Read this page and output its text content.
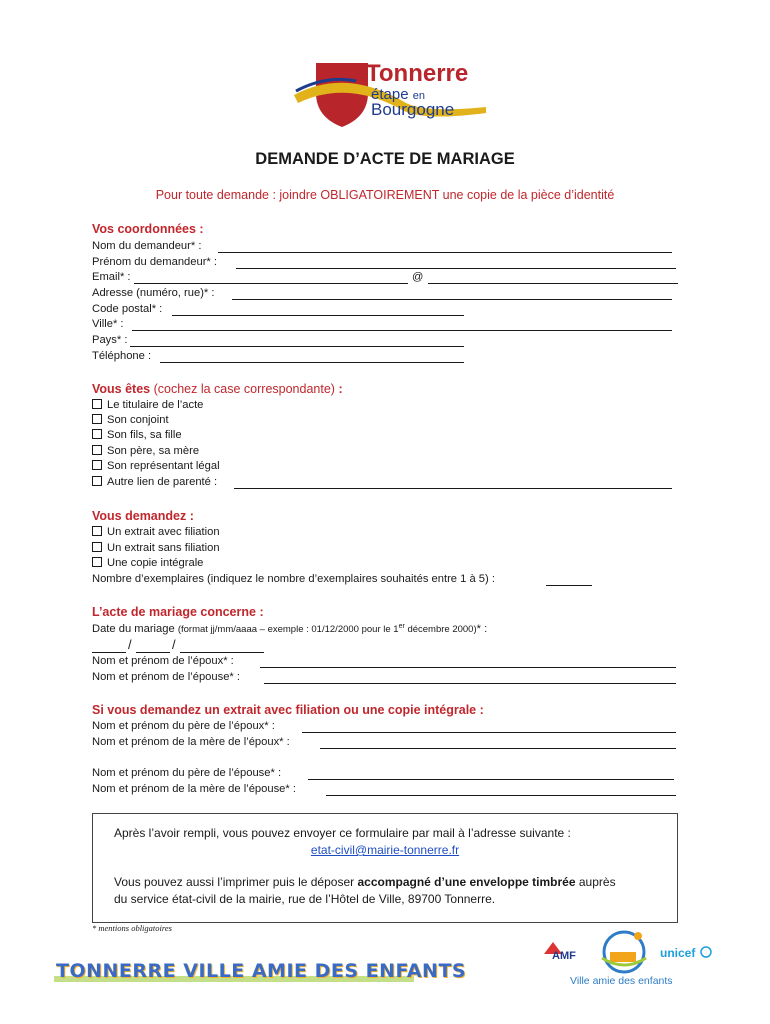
Tonnerre
étape en
Bourgogne
DEMANDE D’ACTE DE MARIAGE
Pour toute demande : joindre OBLIGATOIREMENT une copie de la pièce d’identité
Vos coordonnées :
Nom du demandeur* :
Prénom du demandeur* :
Email* :	@
Adresse (numéro, rue)* :
Code postal* :
Ville* :
Pays* :
Téléphone :
Vous êtes (cochez la case correspondante) :
Le titulaire de l’acte
Son conjoint
Son fils, sa fille
Son père, sa mère
Son représentant légal
Autre lien de parenté :
Vous demandez :
Un extrait avec filiation
Un extrait sans filiation
Une copie intégrale
Nombre d’exemplaires (indiquez le nombre d’exemplaires souhaités entre 1 à 5) :
L’acte de mariage concerne :
Date du mariage (format jj/mm/aaaa – exemple : 01/12/2000 pour le 1er décembre 2000)* :
/	/
Nom et prénom de l’époux* :
Nom et prénom de l’épouse* :
Si vous demandez un extrait avec filiation ou une copie intégrale :
Nom et prénom du père de l’époux* :
Nom et prénom de la mère de l’époux* :
Nom et prénom du père de l’épouse* :
Nom et prénom de la mère de l’épouse* :
Après l’avoir rempli, vous pouvez envoyer ce formulaire par mail à l’adresse suivante :
etat-civil@mairie-tonnerre.fr
Vous pouvez aussi l’imprimer puis le déposer accompagné d’une enveloppe timbrée auprès
du service état-civil de la mairie, rue de l’Hôtel de Ville, 89700 Tonnerre.
* mentions obligatoires
TONNERRE VILLE AMIE DES ENFANTS
AMF
Ville amie des enfants
unicef
